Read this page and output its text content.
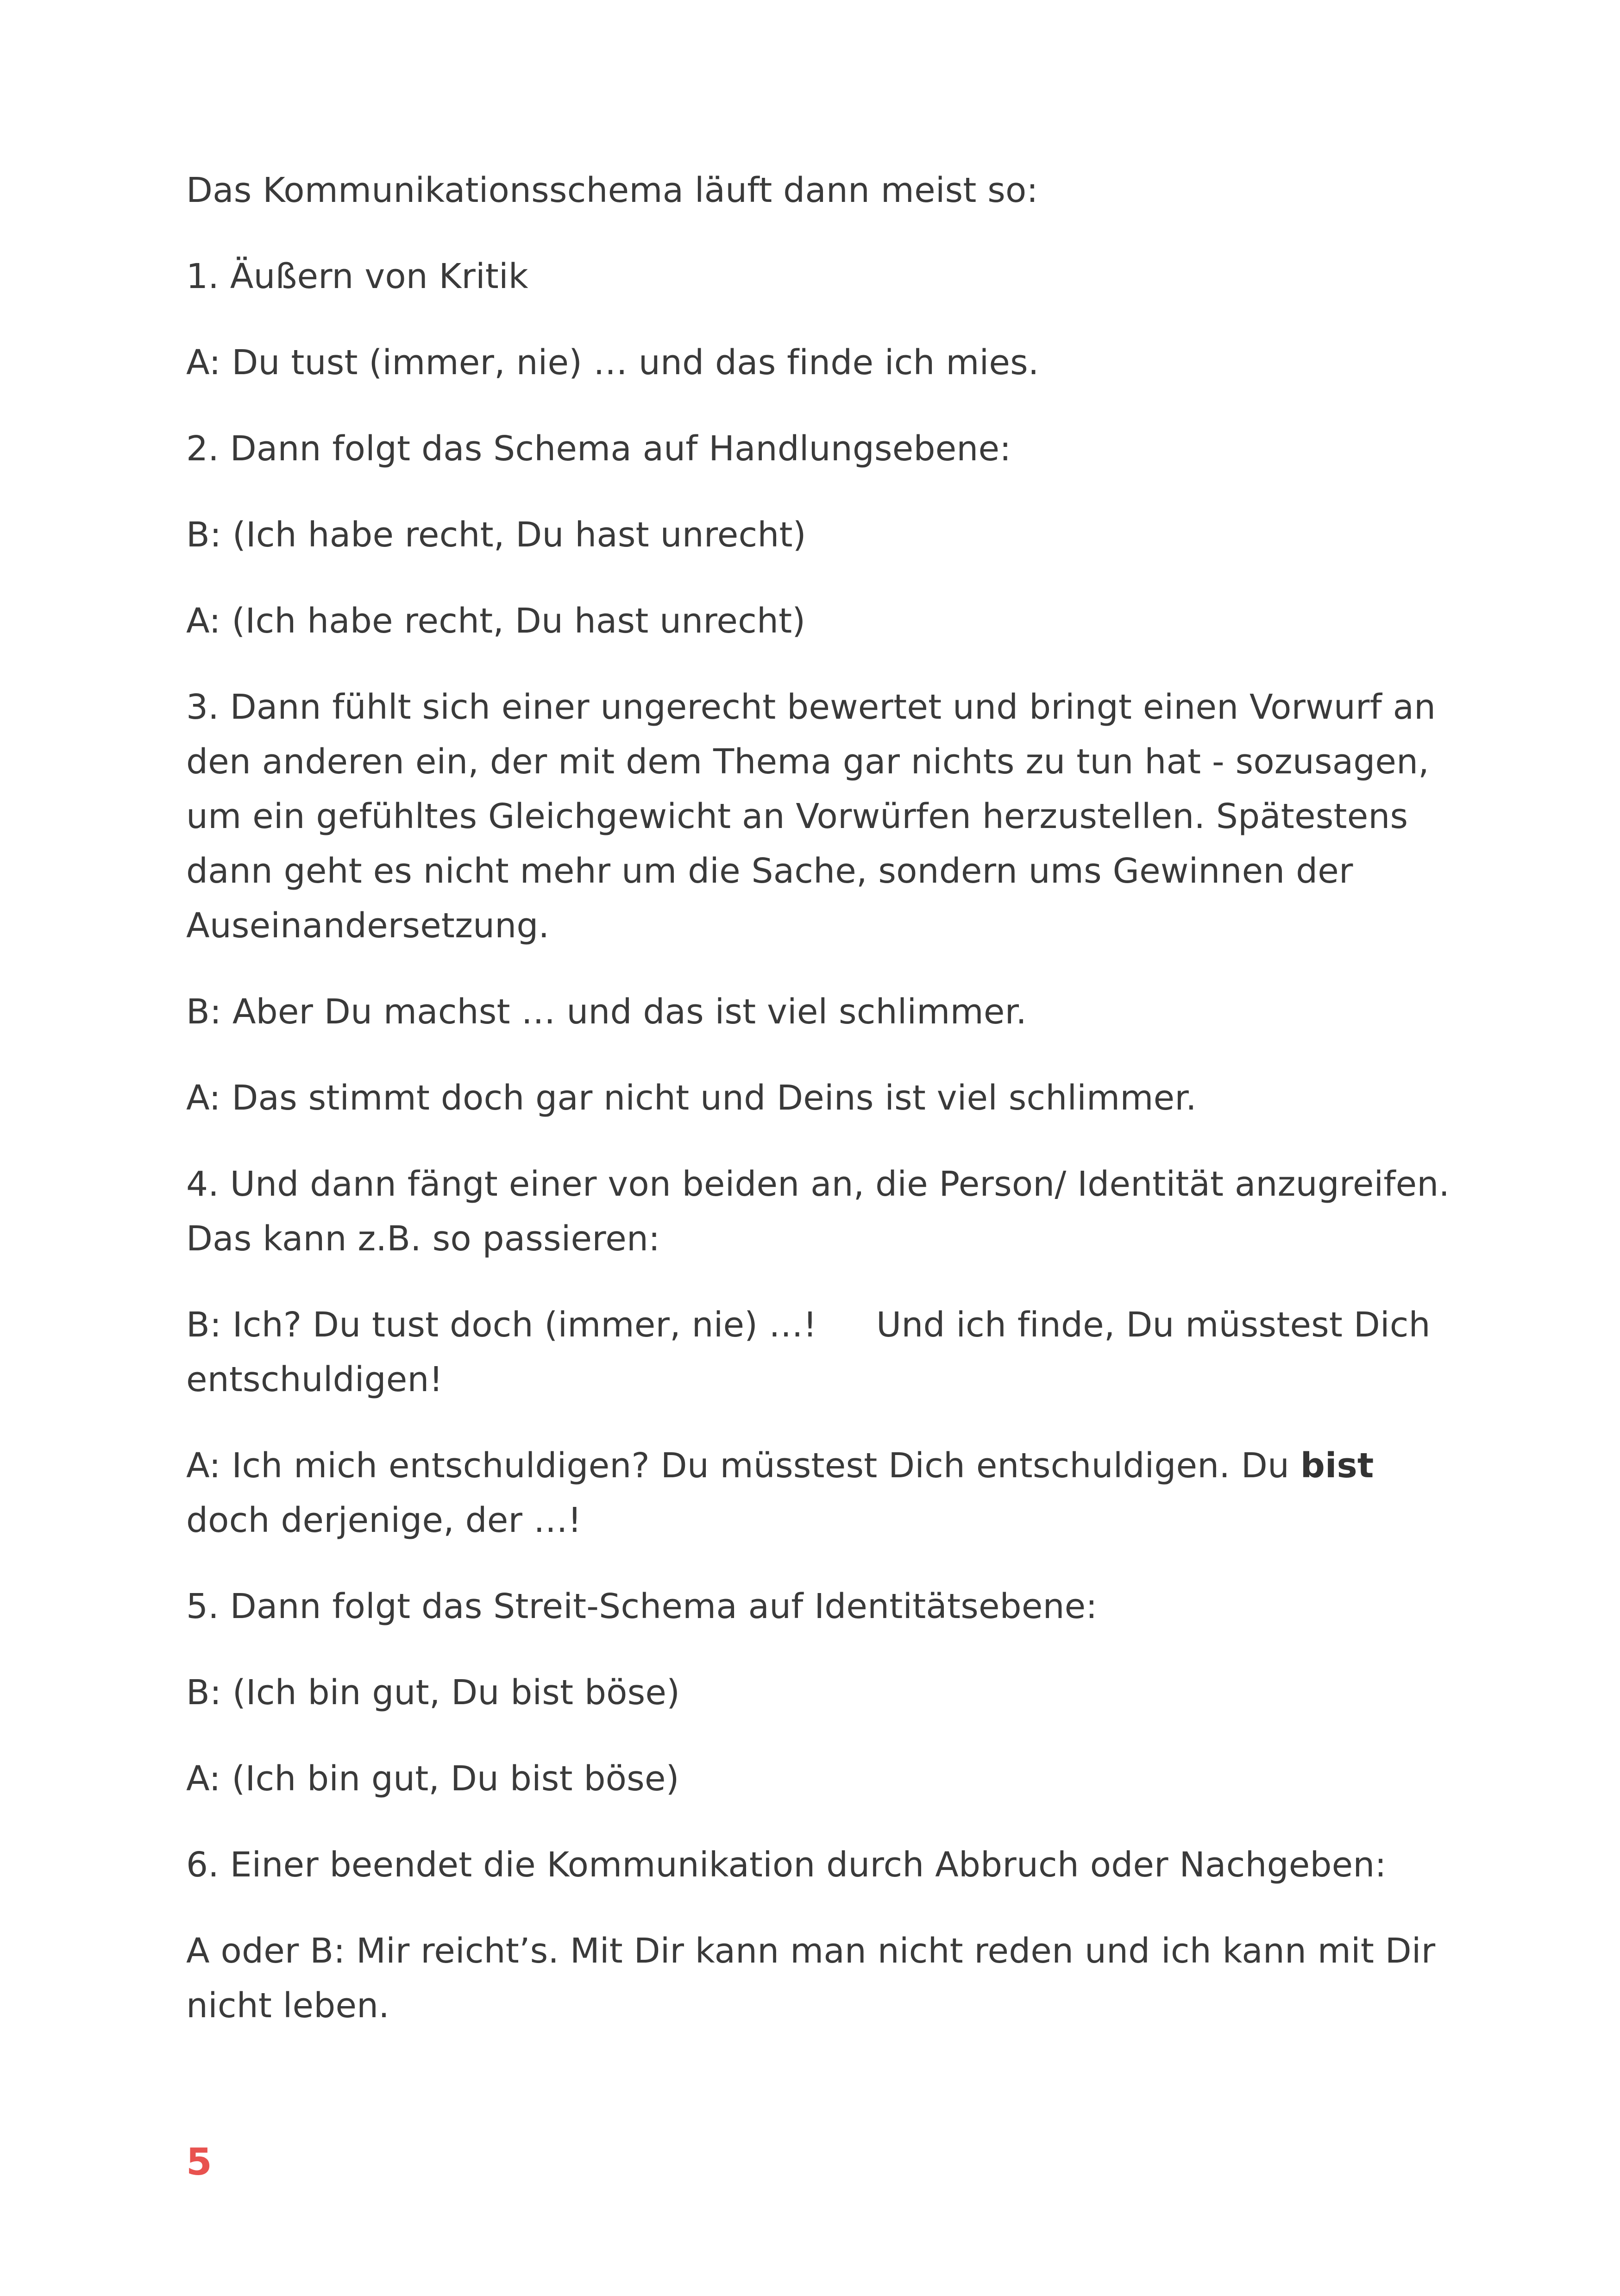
Das Kommunikationsschema läuft dann meist so:

1. Äußern von Kritik

A: Du tust (immer, nie) … und das finde ich mies.

2. Dann folgt das Schema auf Handlungsebene:

B: (Ich habe recht, Du hast unrecht)

A: (Ich habe recht, Du hast unrecht)

3. Dann fühlt sich einer ungerecht bewertet und bringt einen Vorwurf an den anderen ein, der mit dem Thema gar nichts zu tun hat - sozusagen, um ein gefühltes Gleichgewicht an Vorwürfen herzustellen. Spätestens dann geht es nicht mehr um die Sache, sondern ums Gewinnen der Auseinandersetzung.

B: Aber Du machst … und das ist viel schlimmer.

A: Das stimmt doch gar nicht und Deins ist viel schlimmer.

4. Und dann fängt einer von beiden an, die Person/ Identität anzugreifen. Das kann z.B. so passieren:

B: Ich? Du tust doch (immer, nie) …! Und ich finde, Du müsstest Dich entschuldigen!

A: Ich mich entschuldigen? Du müsstest Dich entschuldigen. Du bist doch derjenige, der …!

5. Dann folgt das Streit-Schema auf Identitätsebene:

B: (Ich bin gut, Du bist böse)

A: (Ich bin gut, Du bist böse)

6. Einer beendet die Kommunikation durch Abbruch oder Nachgeben:

A oder B: Mir reicht’s. Mit Dir kann man nicht reden und ich kann mit Dir nicht leben.

5
